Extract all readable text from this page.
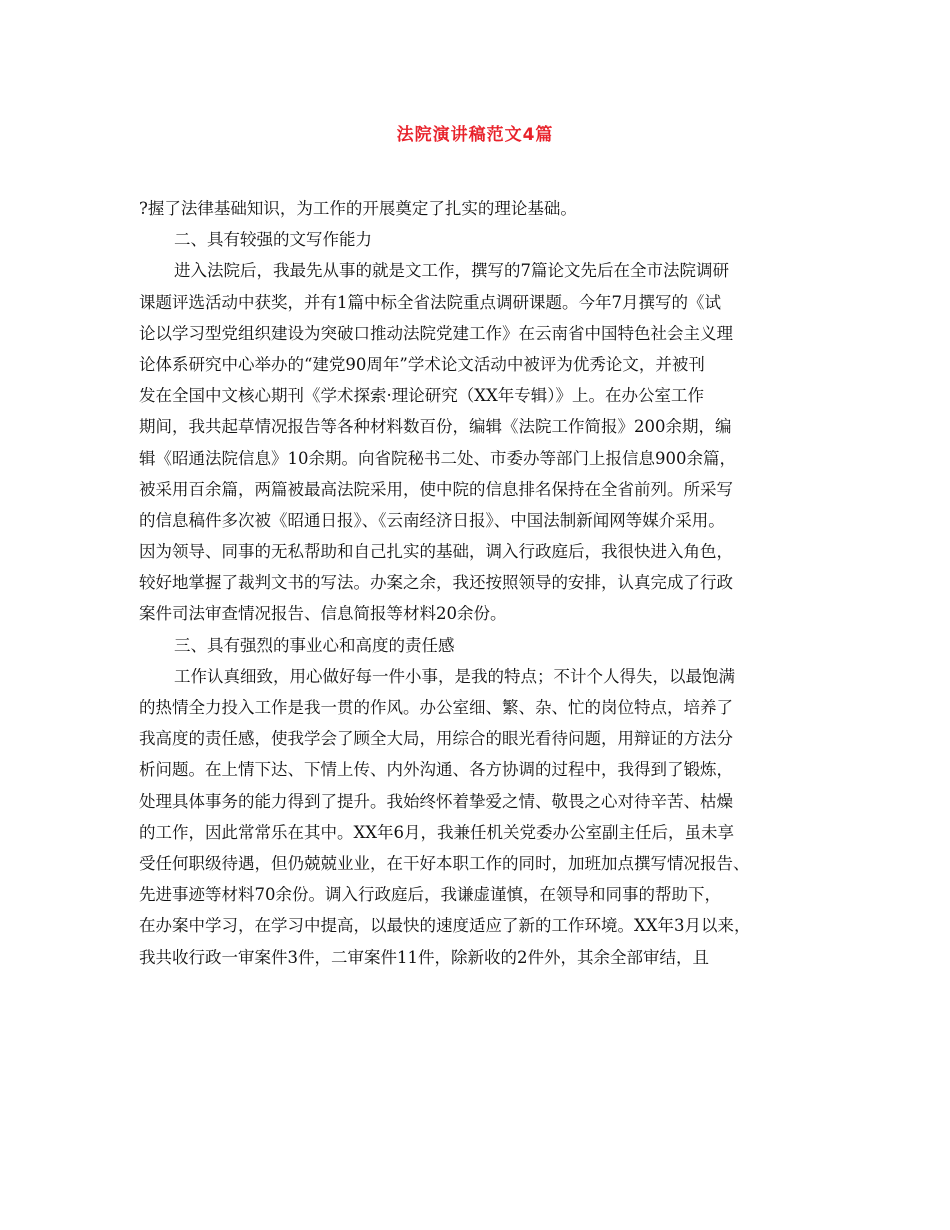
法院演讲稿范文4篇
?握了法律基础知识，为工作的开展奠定了扎实的理论基础。
二、具有较强的文写作能力
进入法院后，我最先从事的就是文工作，撰写的7篇论文先后在全市法院调研
课题评选活动中获奖，并有1篇中标全省法院重点调研课题。今年7月撰写的《试
论以学习型党组织建设为突破口推动法院党建工作》在云南省中国特色社会主义理
论体系研究中心举办的“建党90周年”学术论文活动中被评为优秀论文，并被刊
发在全国中文核心期刊《学术探索·理论研究（XX年专辑）》上。在办公室工作
期间，我共起草情况报告等各种材料数百份，编辑《法院工作简报》200余期，编
辑《昭通法院信息》10余期。向省院秘书二处、市委办等部门上报信息900余篇，
被采用百余篇，两篇被最高法院采用，使中院的信息排名保持在全省前列。所采写
的信息稿件多次被《昭通日报》、《云南经济日报》、中国法制新闻网等媒介采用。
因为领导、同事的无私帮助和自己扎实的基础，调入行政庭后，我很快进入角色，
较好地掌握了裁判文书的写法。办案之余，我还按照领导的安排，认真完成了行政
案件司法审查情况报告、信息简报等材料20余份。
三、具有强烈的事业心和高度的责任感
工作认真细致，用心做好每一件小事，是我的特点；不计个人得失，以最饱满
的热情全力投入工作是我一贯的作风。办公室细、繁、杂、忙的岗位特点，培养了
我高度的责任感，使我学会了顾全大局，用综合的眼光看待问题，用辩证的方法分
析问题。在上情下达、下情上传、内外沟通、各方协调的过程中，我得到了锻炼，
处理具体事务的能力得到了提升。我始终怀着挚爱之情、敬畏之心对待辛苦、枯燥
的工作，因此常常乐在其中。XX年6月，我兼任机关党委办公室副主任后，虽未享
受任何职级待遇，但仍兢兢业业，在干好本职工作的同时，加班加点撰写情况报告、
先进事迹等材料70余份。调入行政庭后，我谦虚谨慎，在领导和同事的帮助下，
在办案中学习，在学习中提高，以最快的速度适应了新的工作环境。XX年3月以来，
我共收行政一审案件3件，二审案件11件，除新收的2件外，其余全部审结，且
